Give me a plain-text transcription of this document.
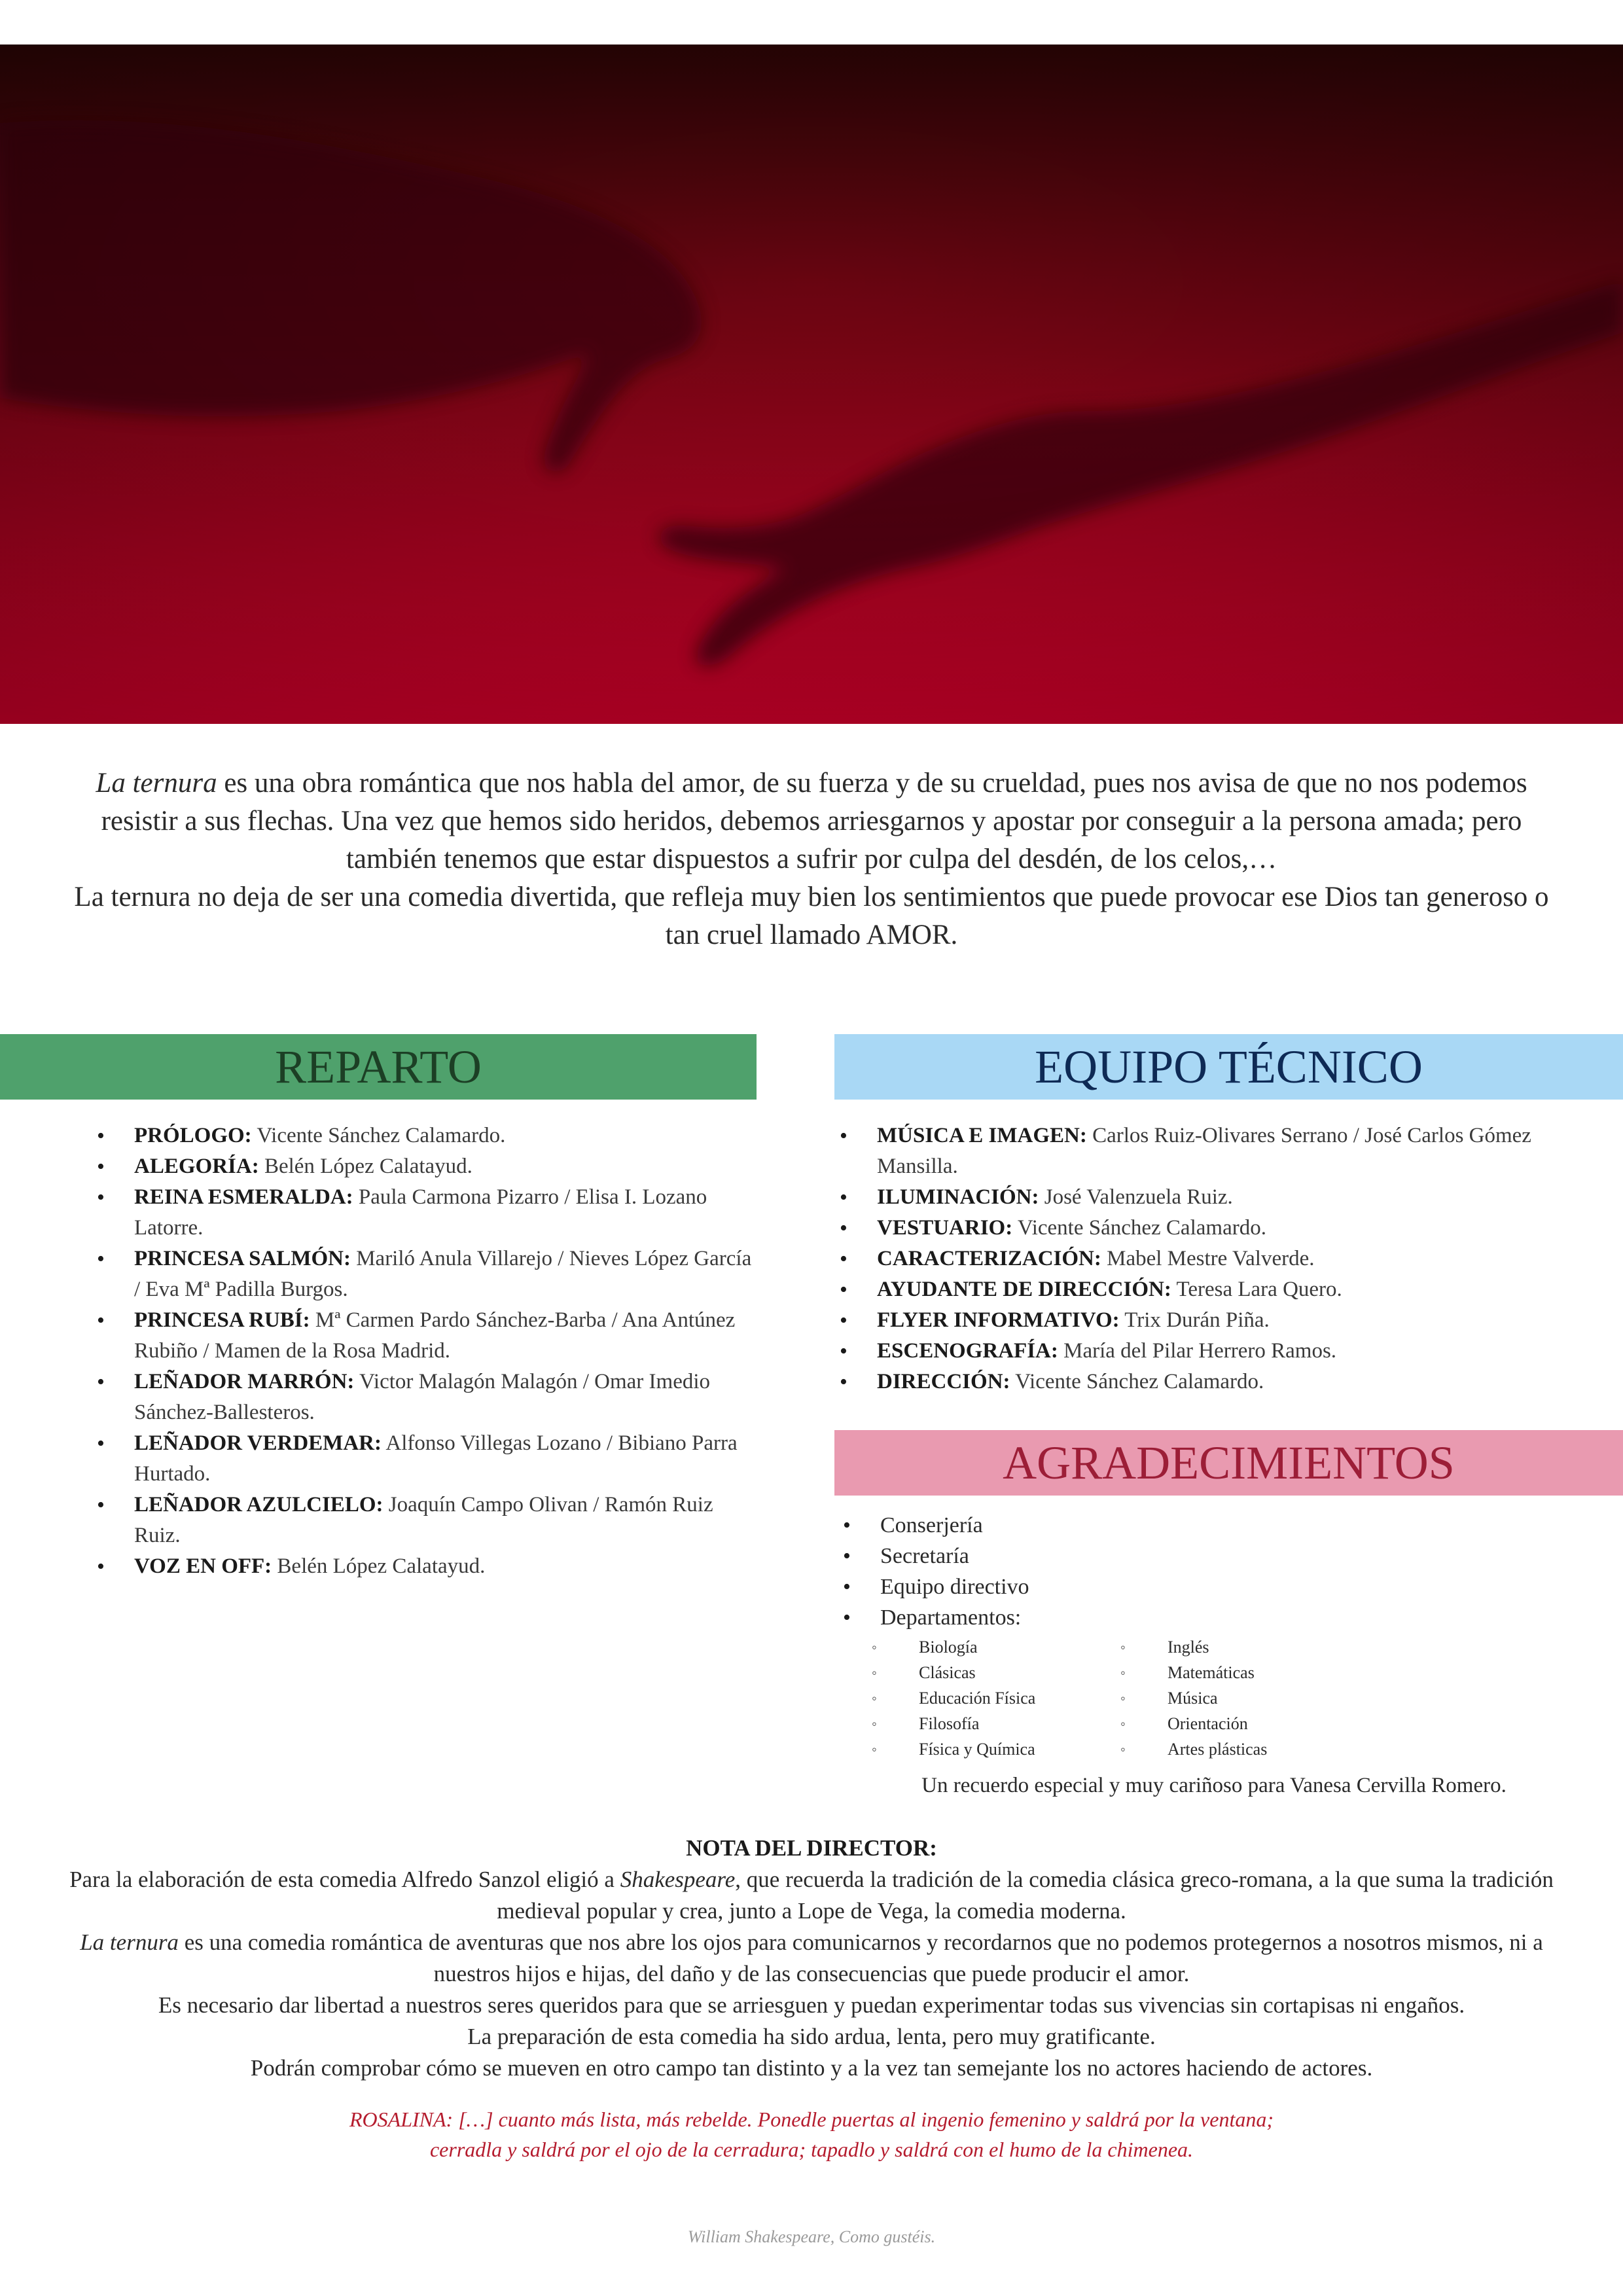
La ternura es una obra romántica que nos habla del amor, de su fuerza y de su crueldad, pues nos avisa de que no nos podemos resistir a sus flechas. Una vez que hemos sido heridos, debemos arriesgarnos y apostar por conseguir a la persona amada; pero también tenemos que estar dispuestos a sufrir por culpa del desdén, de los celos,…

La ternura no deja de ser una comedia divertida, que refleja muy bien los sentimientos que puede provocar ese Dios tan generoso o tan cruel llamado AMOR.

REPARTO	EQUIPO TÉCNICO
AGRADECIMIENTOS
• PRÓLOGO: Vicente Sánchez Calamardo.
• ALEGORÍA: Belén López Calatayud.
• REINA ESMERALDA: Paula Carmona Pizarro / Elisa I. Lozano Latorre.
• PRINCESA SALMÓN: Mariló Anula Villarejo / Nieves López García / Eva Mª Padilla Burgos.
• PRINCESA RUBÍ: Mª Carmen Pardo Sánchez-Barba / Ana Antúnez Rubiño / Mamen de la Rosa Madrid.
• LEÑADOR MARRÓN: Victor Malagón Malagón / Omar Imedio Sánchez-Ballesteros.
• LEÑADOR VERDEMAR: Alfonso Villegas Lozano / Bibiano Parra Hurtado.
• LEÑADOR AZULCIELO: Joaquín Campo Olivan / Ramón Ruiz Ruiz.
• VOZ EN OFF: Belén López Calatayud.
• MÚSICA E IMAGEN: Carlos Ruiz-Olivares Serrano / José Carlos Gómez Mansilla.
• ILUMINACIÓN: José Valenzuela Ruiz.
• VESTUARIO: Vicente Sánchez Calamardo.
• CARACTERIZACIÓN: Mabel Mestre Valverde.
• AYUDANTE DE DIRECCIÓN: Teresa Lara Quero.
• FLYER INFORMATIVO: Trix Durán Piña.
• ESCENOGRAFÍA: María del Pilar Herrero Ramos.
• DIRECCIÓN: Vicente Sánchez Calamardo.
• Conserjería
• Secretaría
• Equipo directivo
• Departamentos:
◦ Biología
◦ Clásicas
◦ Educación Física
◦ Filosofía
◦ Física y Química
◦ Inglés
◦ Matemáticas
◦ Música
◦ Orientación
◦ Artes plásticas
Un recuerdo especial y muy cariñoso para Vanesa Cervilla Romero.

NOTA DEL DIRECTOR:

Para la elaboración de esta comedia Alfredo Sanzol eligió a Shakespeare, que recuerda la tradición de la comedia clásica greco-romana, a la que suma la tradición medieval popular y crea, junto a Lope de Vega, la comedia moderna.

La ternura es una comedia romántica de aventuras que nos abre los ojos para comunicarnos y recordarnos que no podemos protegernos a nosotros mismos, ni a nuestros hijos e hijas, del daño y de las consecuencias que puede producir el amor.

Es necesario dar libertad a nuestros seres queridos para que se arriesguen y puedan experimentar todas sus vivencias sin cortapisas ni engaños.

La preparación de esta comedia ha sido ardua, lenta, pero muy gratificante.

Podrán comprobar cómo se mueven en otro campo tan distinto y a la vez tan semejante los no actores haciendo de actores.

ROSALINA: […] cuanto más lista, más rebelde. Ponedle puertas al ingenio femenino y saldrá por la ventana;

cerradla y saldrá por el ojo de la cerradura; tapadlo y saldrá con el humo de la chimenea.

William Shakespeare, Como gustéis.
